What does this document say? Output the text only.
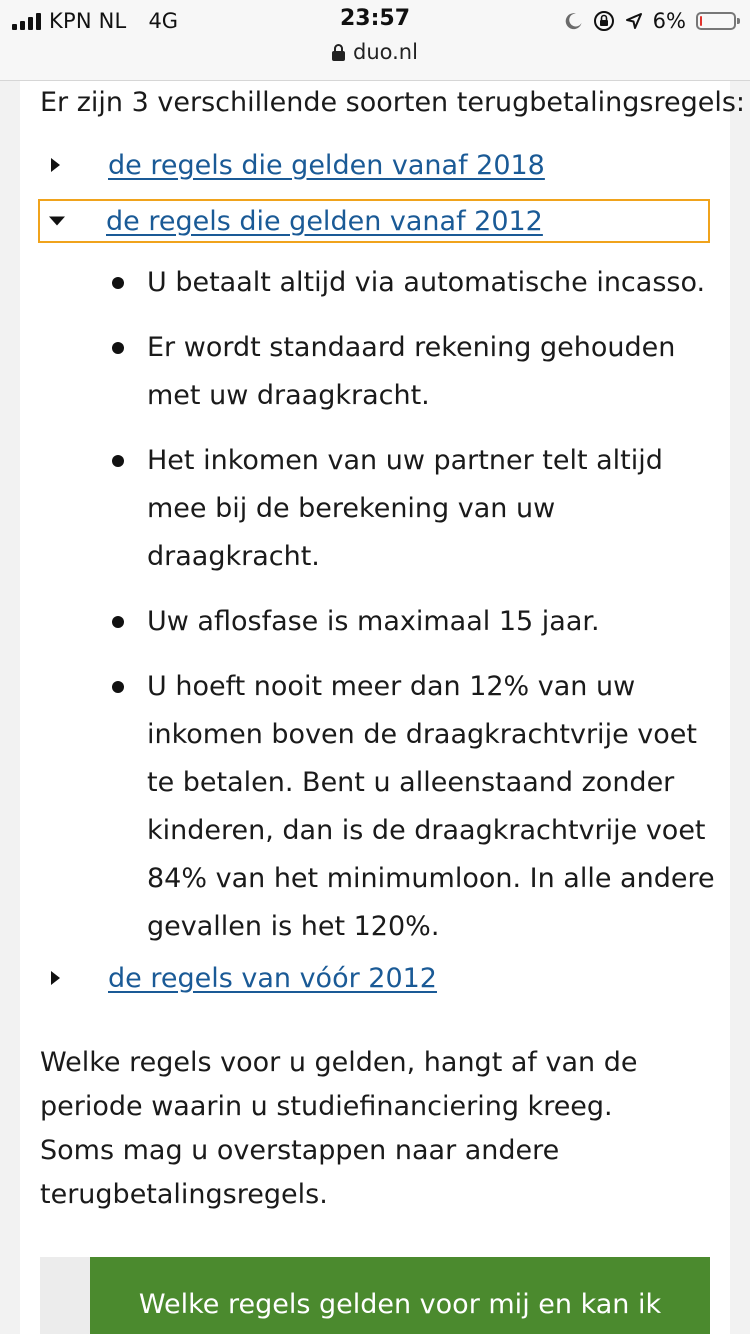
KPN NL 4G	23:57	6%
duo.nl
Er zijn 3 verschillende soorten terugbetalingsregels:
de regels die gelden vanaf 2018
de regels die gelden vanaf 2012
U betaalt altijd via automatische incasso.
Er wordt standaard rekening gehouden met uw draagkracht.
Het inkomen van uw partner telt altijd mee bij de berekening van uw draagkracht.
Uw aflosfase is maximaal 15 jaar.
U hoeft nooit meer dan 12% van uw inkomen boven de draagkrachtvrije voet te betalen. Bent u alleenstaand zonder kinderen, dan is de draagkrachtvrije voet 84% van het minimumloon. In alle andere gevallen is het 120%.
de regels van vóór 2012
Welke regels voor u gelden, hangt af van de periode waarin u studiefinanciering kreeg. Soms mag u overstappen naar andere terugbetalingsregels.
Welke regels gelden voor mij en kan ik
